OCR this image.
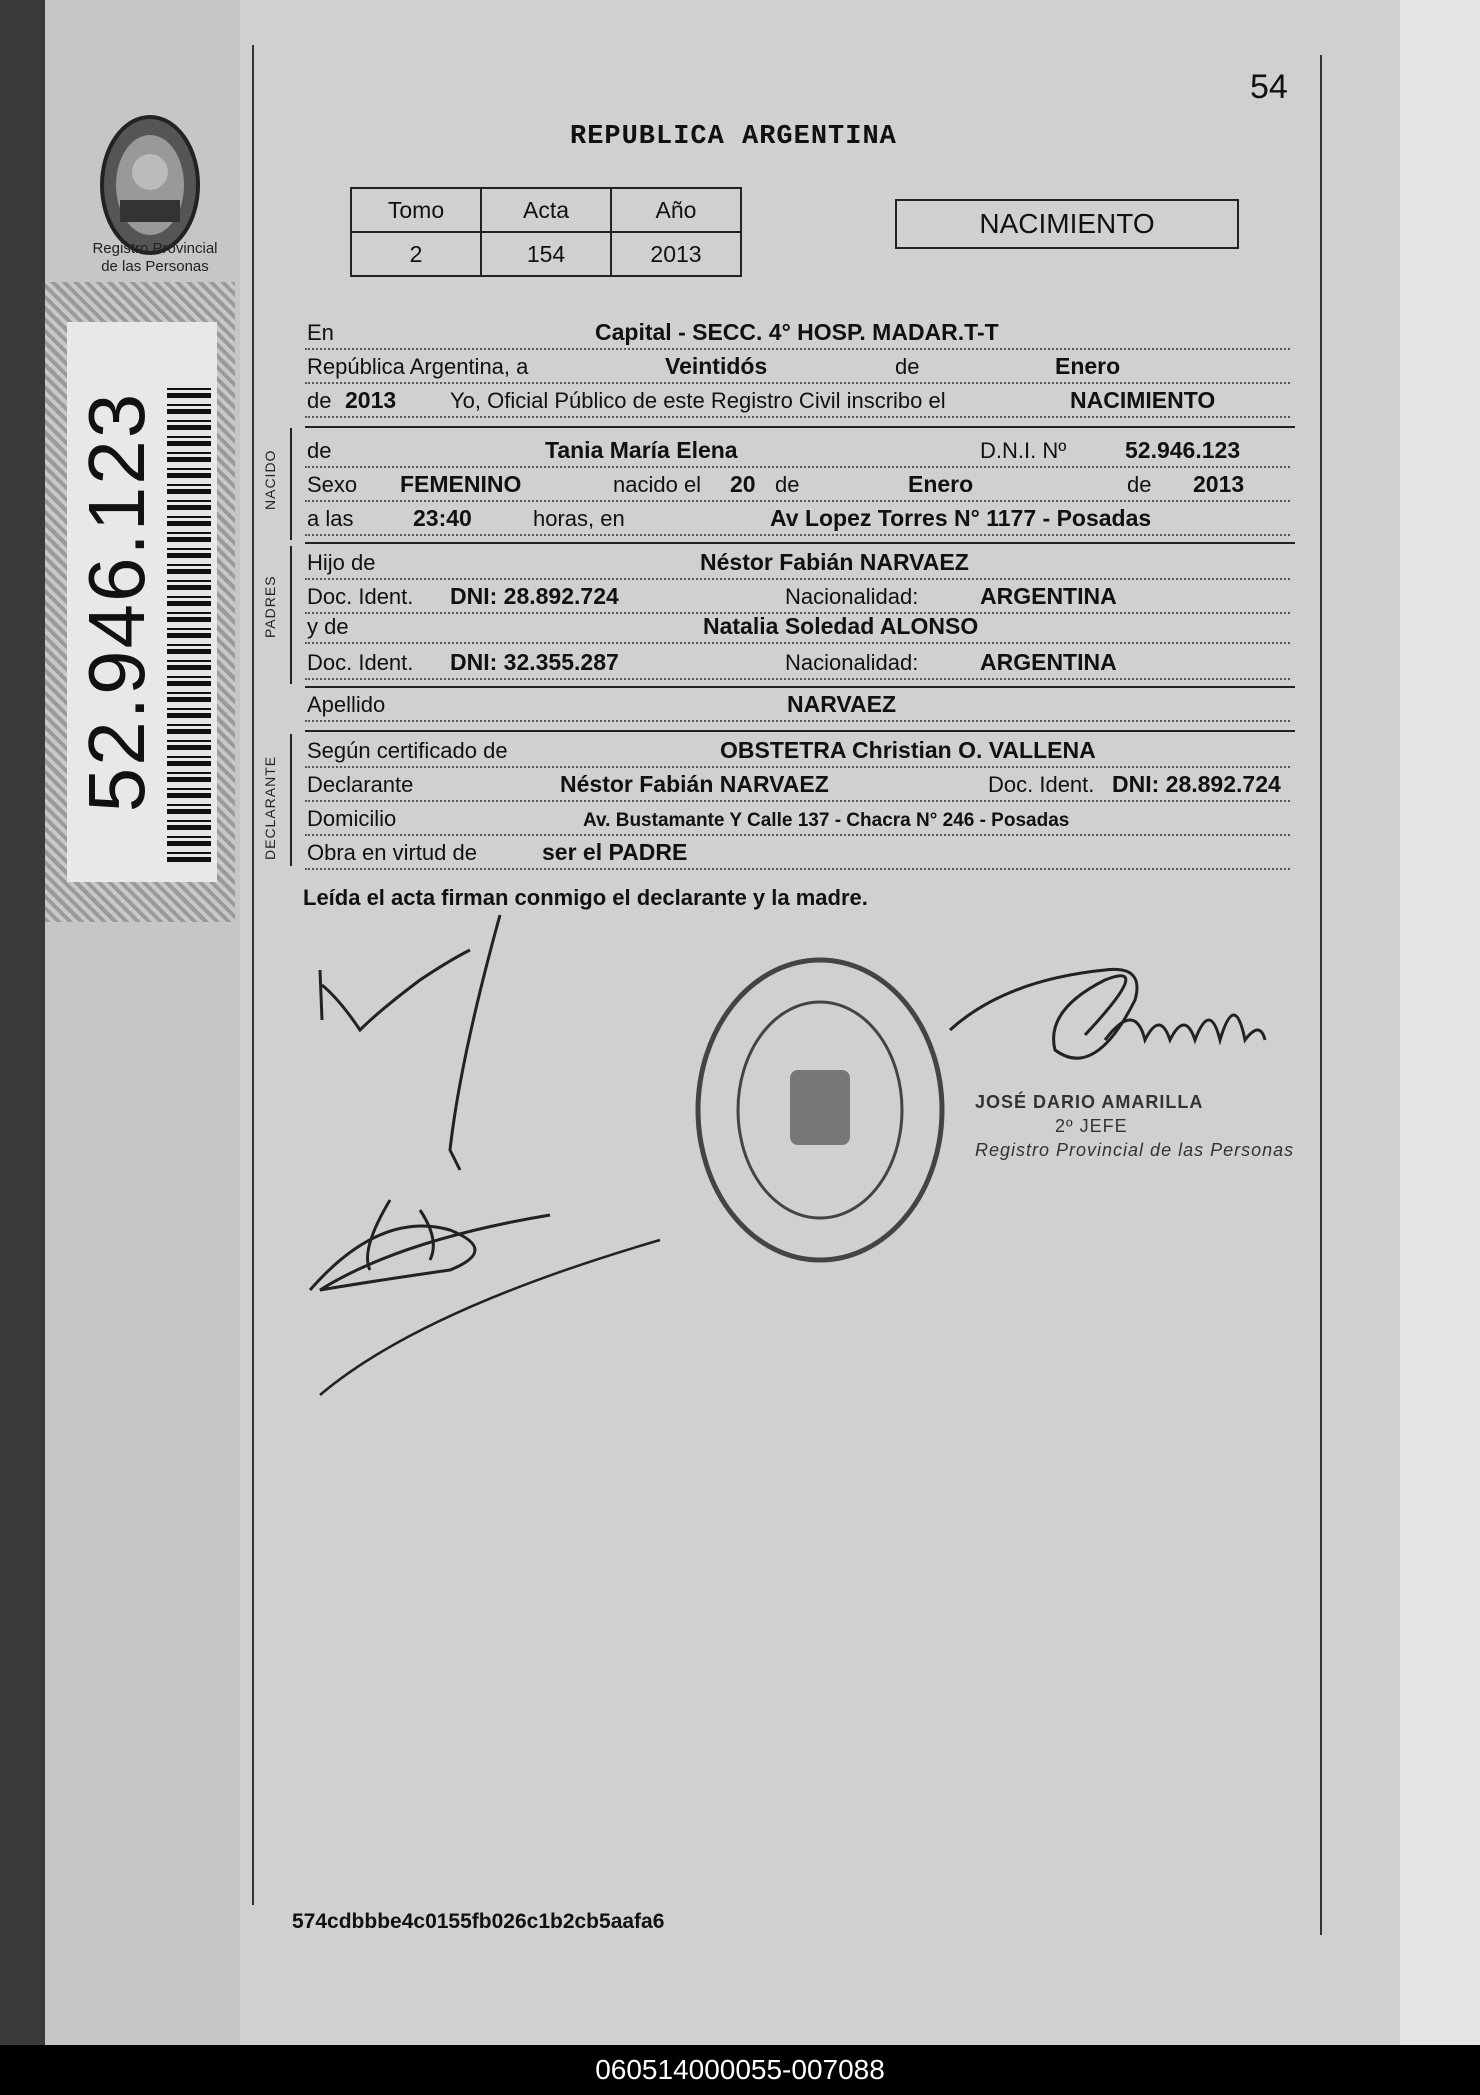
Registro Provincial
de las Personas
52.946.123
54
REPUBLICA ARGENTINA
Tomo	Acta	Año
2	154	2013
NACIMIENTO
En	Capital - SECC. 4° HOSP. MADAR.T-T
República Argentina, a	Veintidós	de	Enero
de 2013 Yo, Oficial Público de este Registro Civil inscribo el	NACIMIENTO
de	Tania María Elena	D.N.I. Nº	52.946.123
Sexo FEMENINO	nacido el 20 de	Enero	de 2013
a las	23:40	horas, en	Av Lopez Torres N° 1177 - Posadas
Hijo de	Néstor Fabián NARVAEZ
Doc. Ident. DNI: 28.892.724	Nacionalidad:	ARGENTINA
y de	Natalia Soledad ALONSO
Doc. Ident. DNI: 32.355.287	Nacionalidad:	ARGENTINA
Apellido	NARVAEZ
Según certificado de	OBSTETRA Christian O. VALLENA
Declarante	Néstor Fabián NARVAEZ	Doc. Ident. DNI: 28.892.724
Domicilio	Av. Bustamante Y Calle 137 - Chacra N° 246 - Posadas
Obra en virtud de	ser el PADRE
NACIDO
PADRES
DECLARANTE
Leída el acta firman conmigo el declarante y la madre.
JOSÉ DARIO AMARILLA
2º JEFE
Registro Provincial de las Personas
574cdbbbe4c0155fb026c1b2cb5aafa6
060514000055-007088
